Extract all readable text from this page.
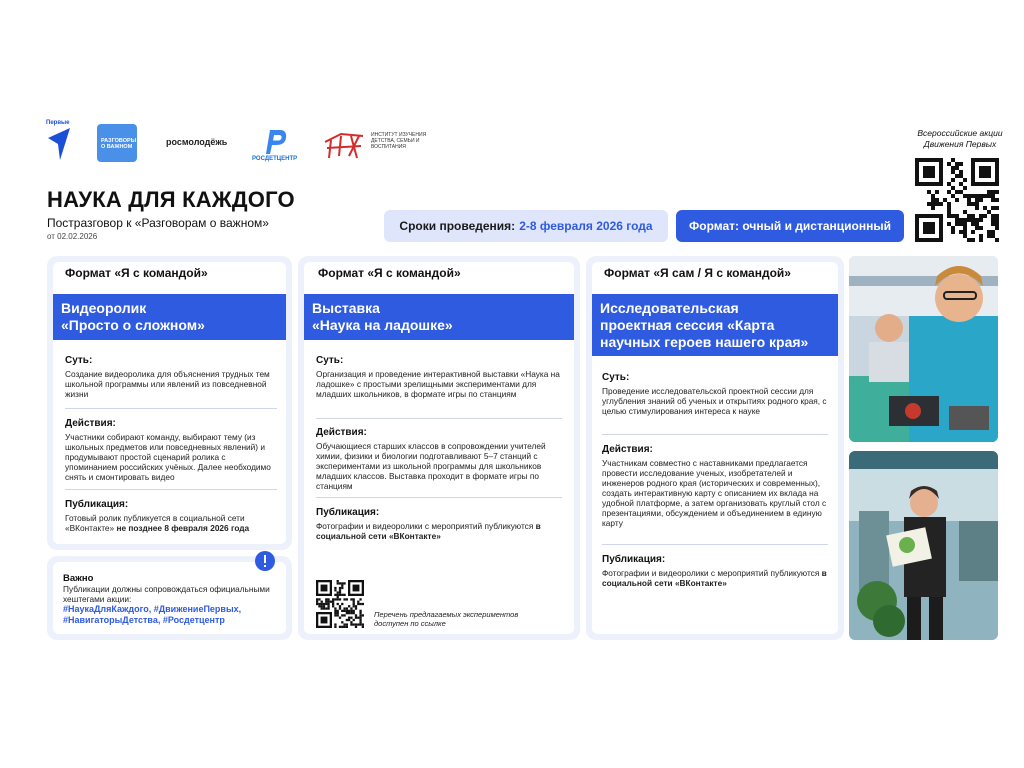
Первые
РАЗГОВОРЫ О ВАЖНОМ	росмолодёжь
РОСДЕТЦЕНТР
ИНСТИТУТ ИЗУЧЕНИЯ ДЕТСТВА, СЕМЬИ И ВОСПИТАНИЯ
Всероссийские акции
Движения Первых
НАУКА ДЛЯ КАЖДОГО
Постразговор к «Разговорам о важном»
от 02.02.2026
Сроки проведения: 2-8 февраля 2026 года	Формат: очный и дистанционный
Формат «Я с командой»
Видеоролик
«Просто о сложном»
Суть:
Создание видеоролика для объяснения трудных тем школьной программы или явлений из повседневной жизни
Действия:
Участники собирают команду, выбирают тему (из школьных предметов или повседневных явлений) и продумывают простой сценарий ролика с упоминанием российских учёных. Далее необходимо снять и смонтировать видео
Публикация:
Готовый ролик публикуется в социальной сети «ВКонтакте» не позднее 8 февраля 2026 года
Важно
Публикации должны сопровождаться официальными хештегами акции:
#НаукаДляКаждого, #ДвижениеПервых, #НавигаторыДетства, #Росдетцентр
Формат «Я с командой»
Выставка
«Наука на ладошке»
Суть:
Организация и проведение интерактивной выставки «Наука на ладошке» с простыми зрелищными экспериментами для младших школьников, в формате игры по станциям
Действия:
Обучающиеся старших классов в сопровождении учителей химии, физики и биологии подготавливают 5–7 станций с экспериментами из школьной программы для школьников младших классов. Выставка проходит в формате игры по станциям
Публикация:
Фотографии и видеоролики с мероприятий публикуются в социальной сети «ВКонтакте»
Перечень предлагаемых экспериментов доступен по ссылке
Формат «Я сам / Я с командой»
Исследовательская
проектная сессия «Карта
научных героев нашего края»
Суть:
Проведение исследовательской проектной сессии для углубления знаний об ученых и открытиях родного края, с целью стимулирования интереса к науке
Действия:
Участникам совместно с наставниками предлагается провести исследование ученых, изобретателей и инженеров родного края (исторических и современных), создать интерактивную карту с описанием их вклада на удобной платформе, а затем организовать круглый стол с презентациями, обсуждением и объединением в единую карту
Публикация:
Фотографии и видеоролики с мероприятий публикуются в социальной сети «ВКонтакте»
